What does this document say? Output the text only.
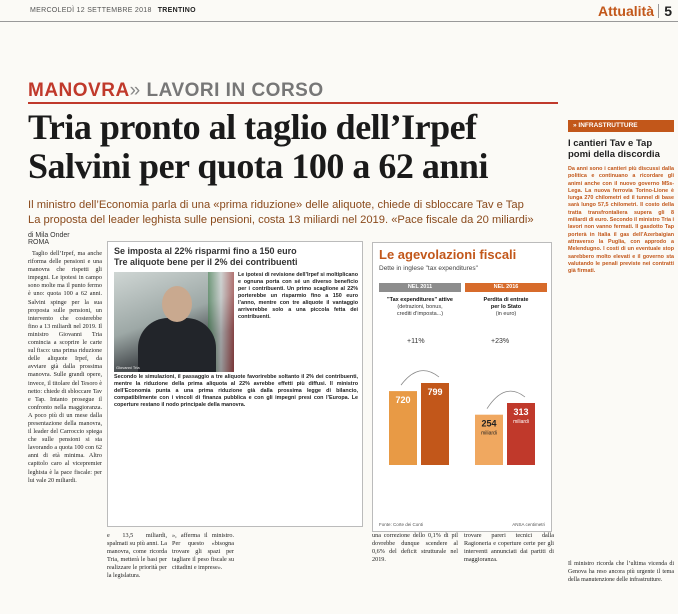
MERCOLEDÌ 12 SETTEMBRE 2018 TRENTINO	Attualità 5
MANOVRA» LAVORI IN CORSO
Tria pronto al taglio dell’Irpef
Salvini per quota 100 a 62 anni

Il ministro dell’Economia parla di una «prima riduzione» delle aliquote, chiede di sbloccare Tav e Tap

La proposta del leader leghista sulle pensioni, costa 13 miliardi nel 2019. «Pace fiscale da 20 miliardi»

di Mila Onder
ROMA

Taglio dell’Irpef, ma anche riforma delle pensioni e una manovra che rispetti gli impegni. Le ipotesi in campo sono molte ma il punto fermo è uno: quota 100 a 62 anni. Salvini spinge per la sua proposta sulle pensioni, un intervento che costerebbe fino a 13 miliardi nel 2019. Il ministro Giovanni Tria comincia a scoprire le carte sul fisco: una prima riduzione delle aliquote Irpef, da avviare già dalla prossima manovra. Sulle grandi opere, invece, il titolare del Tesoro è netto: chiede di sbloccare Tav e Tap. Intanto prosegue il confronto nella maggioranza. A poco più di un mese dalla presentazione della manovra, il leader del Carroccio spiega che sulle pensioni si sta lavorando a quota 100 con 62 anni di età minima. Altro capitolo caro al vicepremier leghista è la pace fiscale: per lui vale 20 miliardi.

Se imposta al 22% risparmi fino a 150 euro
Tre aliquote bene per il 2% dei contribuenti
Giovanni Tria
Le ipotesi di revisione dell’Irpef si moltiplicano e ognuna porta con sé un diverso beneficio per i contribuenti. Un primo scaglione al 22% porterebbe un risparmio fino a 150 euro l’anno, mentre con tre aliquote il vantaggio arriverebbe solo a una piccola fetta dei contribuenti.
Secondo le simulazioni, il passaggio a tre aliquote favorirebbe soltanto il 2% dei contribuenti, mentre la riduzione della prima aliquota al 22% avrebbe effetti più diffusi. Il ministro dell’Economia punta a una prima riduzione già dalla prossima legge di bilancio, compatibilmente con i vincoli di finanza pubblica e con gli impegni presi con l’Europa. Le coperture restano il nodo principale della manovra.
Le agevolazioni fiscali
Dette in inglese "tax expenditures"
NEL 2011	NEL 2016
"Tax expenditures" attive
(detrazioni, bonus,
crediti d’imposta...)
Perdita di entrate
per lo Stato
(in euro)
+11%	+23%
720
799
254
miliardi
313
miliardi
Fonte: Corte dei Conti	ANSA centimetri

e 13,5 miliardi, spalmati su più anni. La manovra, come ricorda Tria, metterà le basi per realizzare le priorità per la legislatura.

», afferma il ministro. Per questo «bisogna trovare gli spazi per tagliare il peso fiscale su cittadini e imprese».

una correzione dello 0,1% di pil dovrebbe dunque scendere al 0,6% del deficit strutturale nel 2019.

trovare pareri tecnici dalla Ragioneria e coperture certe per gli interventi annunciati dai partiti di maggioranza.

» INFRASTRUTTURE
I cantieri Tav e Tap pomi della discordia
Da anni sono i cantieri più discussi dalla politica e continuano a ricordare gli animi anche con il nuovo governo M5s-Lega. La nuova ferrovia Torino-Lione è lunga 270 chilometri ed il tunnel di base sarà lungo 57,5 chilometri. Il costo della tratta transfrontaliera supera gli 8 miliardi di euro. Secondo il ministro Tria i lavori non vanno fermati. Il gasdotto Tap porterà in Italia il gas dell’Azerbaigian attraverso la Puglia, con approdo a Melendugno. I costi di un eventuale stop sarebbero molto elevati e il governo sta valutando le penali previste nei contratti già firmati.
Il ministro ricorda che l’ultima vicenda di Genova ha reso ancora più urgente il tema della manutenzione delle infrastrutture.
